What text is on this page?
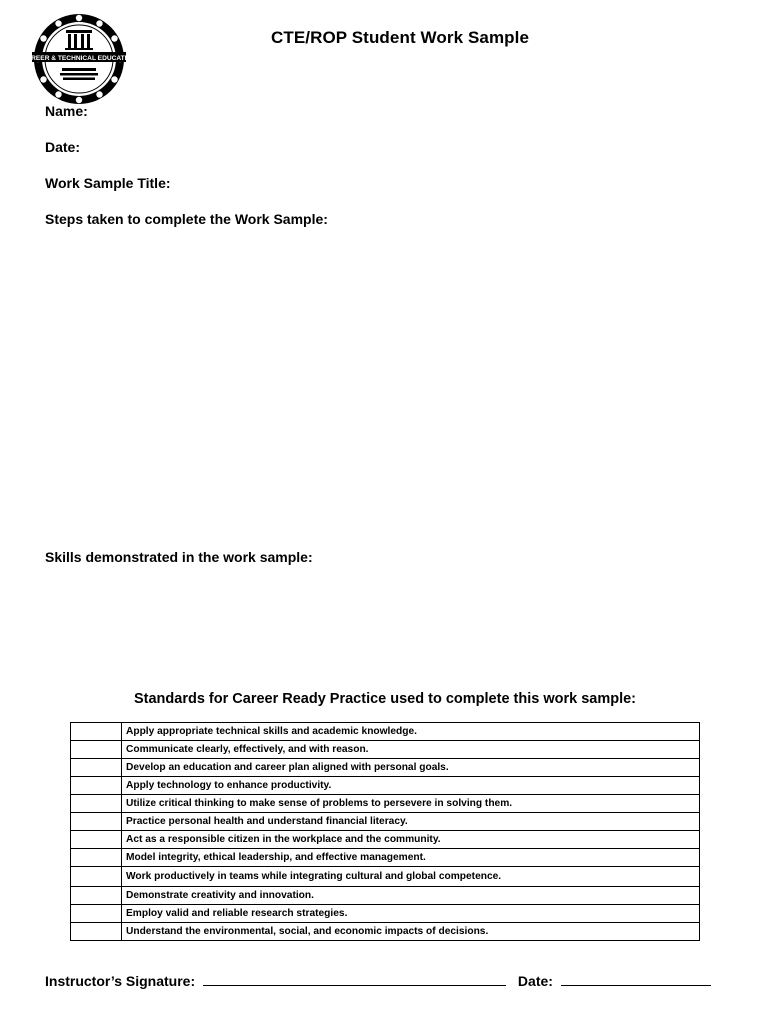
CAREER & TECHNICAL EDUCATION
CTE/ROP Student Work Sample
Name:
Date:
Work Sample Title:
Steps taken to complete the Work Sample:
Skills demonstrated in the work sample:
Standards for Career Ready Practice used to complete this work sample:
	Apply appropriate technical skills and academic knowledge.
	Communicate clearly, effectively, and with reason.
	Develop an education and career plan aligned with personal goals.
	Apply technology to enhance productivity.
	Utilize critical thinking to make sense of problems to persevere in solving them.
	Practice personal health and understand financial literacy.
	Act as a responsible citizen in the workplace and the community.
	Model integrity, ethical leadership, and effective management.
	Work productively in teams while integrating cultural and global competence.
	Demonstrate creativity and innovation.
	Employ valid and reliable research strategies.
	Understand the environmental, social, and economic impacts of decisions.
Instructor’s Signature:	Date:
